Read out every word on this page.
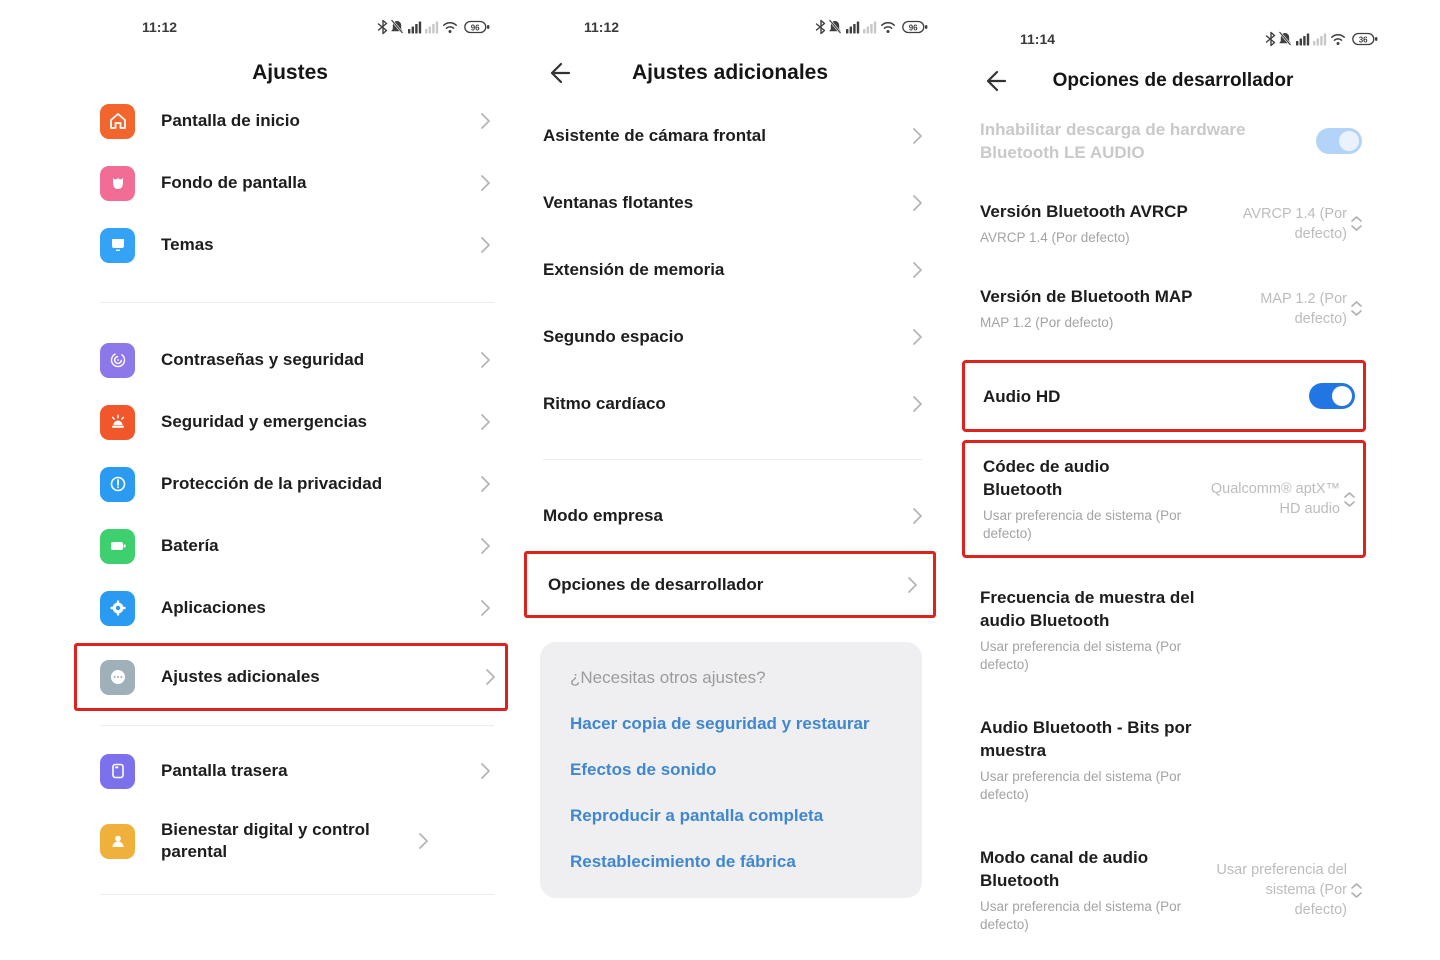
11:12	96
Ajustes
Pantalla de inicio
Fondo de pantalla
Temas
Contraseñas y seguridad
Seguridad y emergencias
Protección de la privacidad
Batería
Aplicaciones
Ajustes adicionales
Pantalla trasera
Bienestar digital y control parental
11:12	96
Ajustes adicionales
Asistente de cámara frontal
Ventanas flotantes
Extensión de memoria
Segundo espacio
Ritmo cardíaco
Modo empresa
Opciones de desarrollador
¿Necesitas otros ajustes?
Hacer copia de seguridad y restaurar
Efectos de sonido
Reproducir a pantalla completa
Restablecimiento de fábrica
11:14	36
Opciones de desarrollador
Inhabilitar descarga de hardware Bluetooth LE AUDIO
Versión Bluetooth AVRCP
AVRCP 1.4 (Por defecto)
AVRCP 1.4 (Por defecto)
Versión de Bluetooth MAP
MAP 1.2 (Por defecto)
MAP 1.2 (Por defecto)
Audio HD
Códec de audio Bluetooth
Usar preferencia de sistema (Por defecto)
Qualcomm® aptX™ HD audio
Frecuencia de muestra del audio Bluetooth
Usar preferencia del sistema (Por defecto)
Audio Bluetooth - Bits por muestra
Usar preferencia del sistema (Por defecto)
Modo canal de audio Bluetooth
Usar preferencia del sistema (Por defecto)
Usar preferencia del sistema (Por defecto)
